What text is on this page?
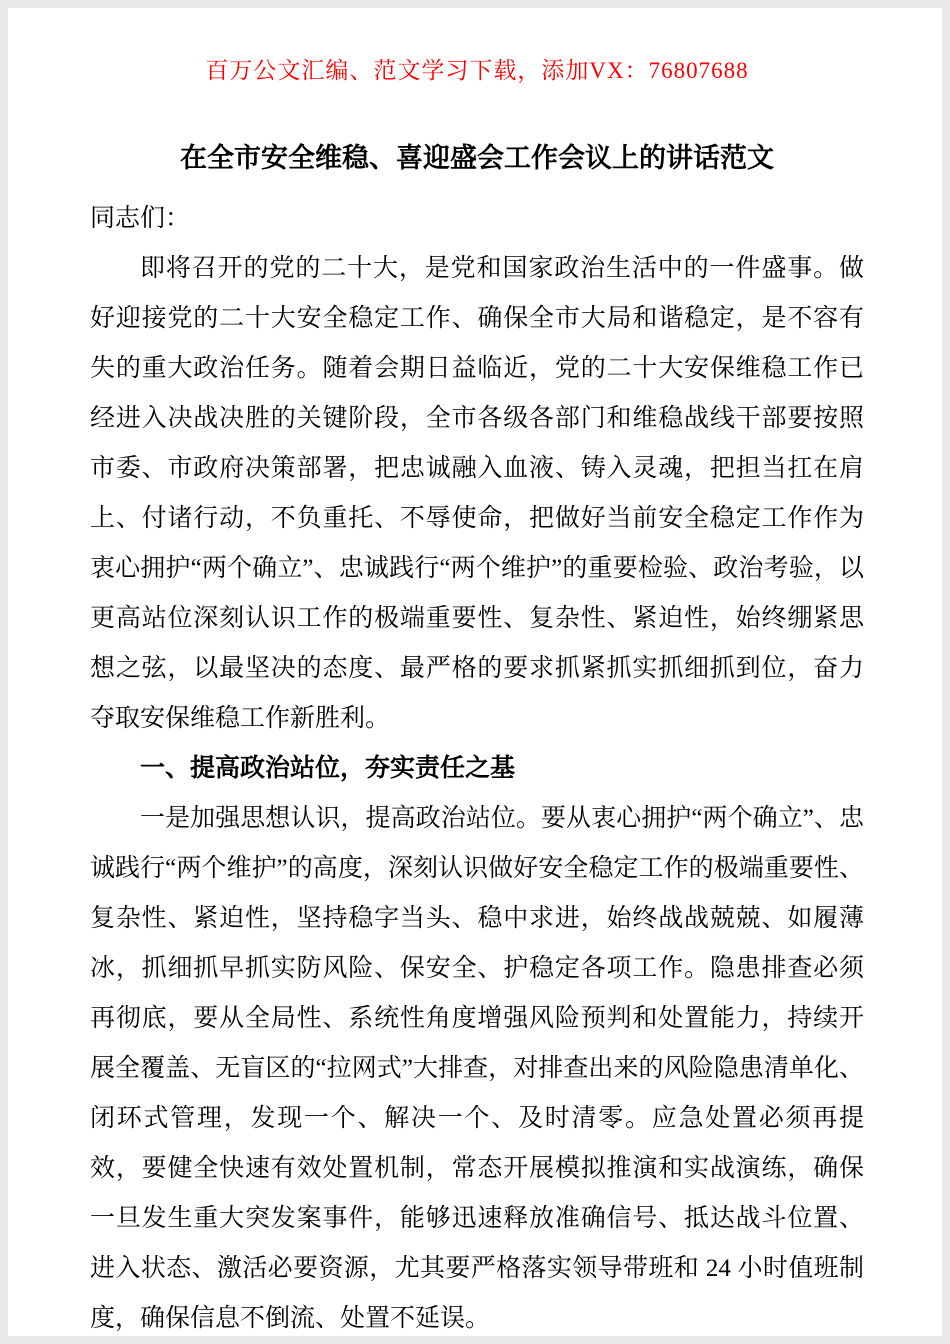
百万公文汇编、范文学习下载，添加VX：76807688
在全市安全维稳、喜迎盛会工作会议上的讲话范文

同志们：

即将召开的党的二十大，是党和国家政治生活中的一件盛事。做好迎接党的二十大安全稳定工作、确保全市大局和谐稳定，是不容有失的重大政治任务。随着会期日益临近，党的二十大安保维稳工作已经进入决战决胜的关键阶段，全市各级各部门和维稳战线干部要按照市委、市政府决策部署，把忠诚融入血液、铸入灵魂，把担当扛在肩上、付诸行动，不负重托、不辱使命，把做好当前安全稳定工作作为衷心拥护“两个确立”、忠诚践行“两个维护”的重要检验、政治考验，以更高站位深刻认识工作的极端重要性、复杂性、紧迫性，始终绷紧思想之弦，以最坚决的态度、最严格的要求抓紧抓实抓细抓到位，奋力夺取安保维稳工作新胜利。

一、提高政治站位，夯实责任之基

一是加强思想认识，提高政治站位。要从衷心拥护“两个确立”、忠诚践行“两个维护”的高度，深刻认识做好安全稳定工作的极端重要性、复杂性、紧迫性，坚持稳字当头、稳中求进，始终战战兢兢、如履薄冰，抓细抓早抓实防风险、保安全、护稳定各项工作。隐患排查必须再彻底，要从全局性、系统性角度增强风险预判和处置能力，持续开展全覆盖、无盲区的“拉网式”大排查，对排查出来的风险隐患清单化、闭环式管理，发现一个、解决一个、及时清零。应急处置必须再提效，要健全快速有效处置机制，常态开展模拟推演和实战演练，确保一旦发生重大突发案事件，能够迅速释放准确信号、抵达战斗位置、进入状态、激活必要资源，尤其要严格落实领导带班和 24 小时值班制度，确保信息不倒流、处置不延误。
